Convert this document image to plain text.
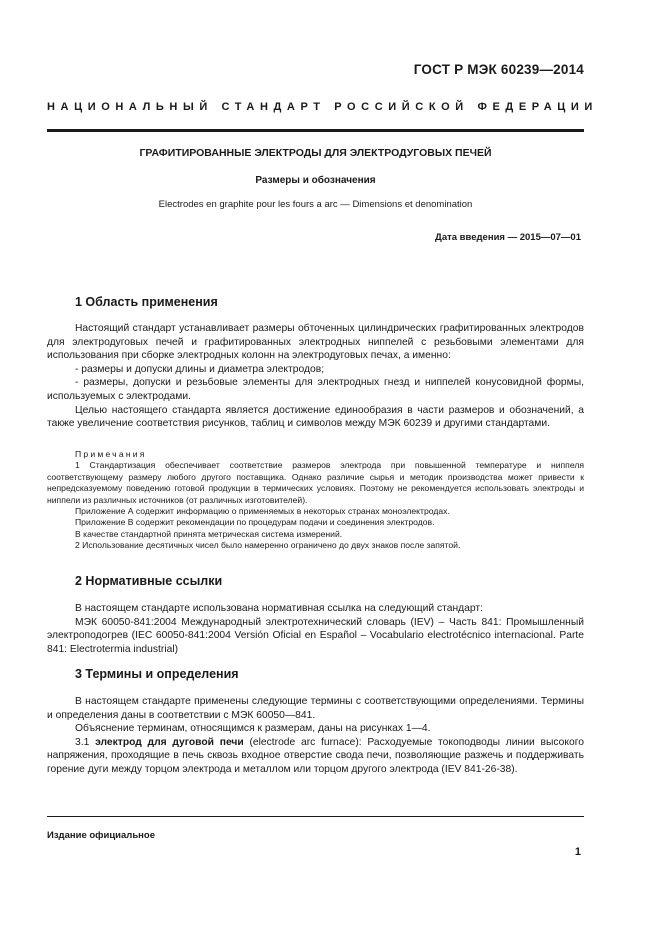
ГОСТ Р МЭК 60239—2014
НАЦИОНАЛЬНЫЙ СТАНДАРТ РОССИЙСКОЙ ФЕДЕРАЦИИ
ГРАФИТИРОВАННЫЕ ЭЛЕКТРОДЫ ДЛЯ ЭЛЕКТРОДУГОВЫХ ПЕЧЕЙ
Размеры и обозначения
Electrodes en graphite pour les fours a arc — Dimensions et denomination
Дата введения — 2015—07—01
1 Область применения

Настоящий стандарт устанавливает размеры обточенных цилиндрических графитированных электродов для электродуговых печей и графитированных электродных ниппелей с резьбовыми элементами для использования при сборке электродных колонн на электродуговых печах, а именно:

- размеры и допуски длины и диаметра электродов;

- размеры, допуски и резьбовые элементы для электродных гнезд и ниппелей конусовидной формы, используемых с электродами.

Целью настоящего стандарта является достижение единообразия в части размеров и обозначений, а также увеличение соответствия рисунков, таблиц и символов между МЭК 60239 и другими стандартами.

Примечания

1 Стандартизация обеспечивает соответствие размеров электрода при повышенной температуре и ниппеля соответствующему размеру любого другого поставщика. Однако различие сырья и методик производства может привести к непредсказуемому поведению готовой продукции в термических условиях. Поэтому не рекомендуется использовать электроды и ниппели из различных источников (от различных изготовителей).

Приложение А содержит информацию о применяемых в некоторых странах моноэлектродах.

Приложение В содержит рекомендации по процедурам подачи и соединения электродов.

В качестве стандартной принята метрическая система измерений.

2 Использование десятичных чисел было намеренно ограничено до двух знаков после запятой.

2 Нормативные ссылки

В настоящем стандарте использована нормативная ссылка на следующий стандарт:

МЭК 60050-841:2004 Международный электротехнический словарь (IEV) – Часть 841: Промышленный электроподогрев (IEC 60050-841:2004 Versión Oficial en Español – Vocabulario electrotécnico internacional. Parte 841: Electrotermia industrial)

3 Термины и определения

В настоящем стандарте применены следующие термины с соответствующими определениями. Термины и определения даны в соответствии с МЭК 60050—841.

Объяснение терминам, относящимся к размерам, даны на рисунках 1—4.

3.1 электрод для дуговой печи (electrode arc furnace): Расходуемые токоподводы линии высокого напряжения, проходящие в печь сквозь входное отверстие свода печи, позволяющие разжечь и поддерживать горение дуги между торцом электрода и металлом или торцом другого электрода (IEV 841-26-38).

Издание официальное
1
